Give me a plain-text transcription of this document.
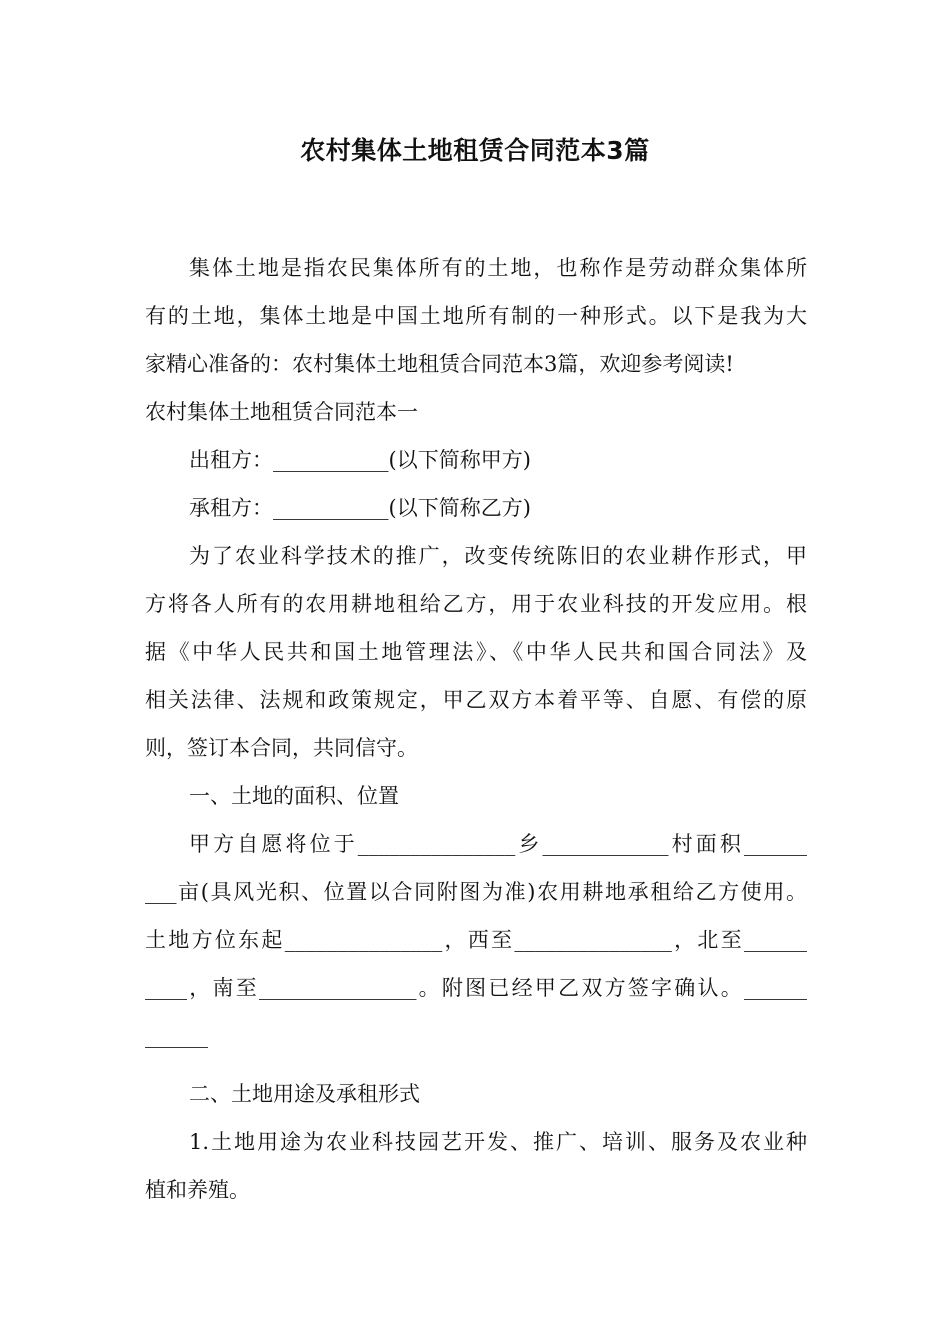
农村集体土地租赁合同范本3篇
集体土地是指农民集体所有的土地，也称作是劳动群众集体所
有的土地，集体土地是中国土地所有制的一种形式。以下是我为大
家精心准备的：农村集体土地租赁合同范本3篇，欢迎参考阅读!
农村集体土地租赁合同范本一
出租方：___________(以下简称甲方)
承租方：___________(以下简称乙方)
为了农业科学技术的推广，改变传统陈旧的农业耕作形式，甲
方将各人所有的农用耕地租给乙方，用于农业科技的开发应用。根
据《中华人民共和国土地管理法》、《中华人民共和国合同法》及
相关法律、法规和政策规定，甲乙双方本着平等、自愿、有偿的原
则，签订本合同，共同信守。
一、土地的面积、位置
甲方自愿将位于_______________乡____________村面积______
___亩(具风光积、位置以合同附图为准)农用耕地承租给乙方使用。
土地方位东起_______________，西至_______________，北至______
____，南至_______________。附图已经甲乙双方签字确认。______
______
二、土地用途及承租形式
1.土地用途为农业科技园艺开发、推广、培训、服务及农业种
植和养殖。
